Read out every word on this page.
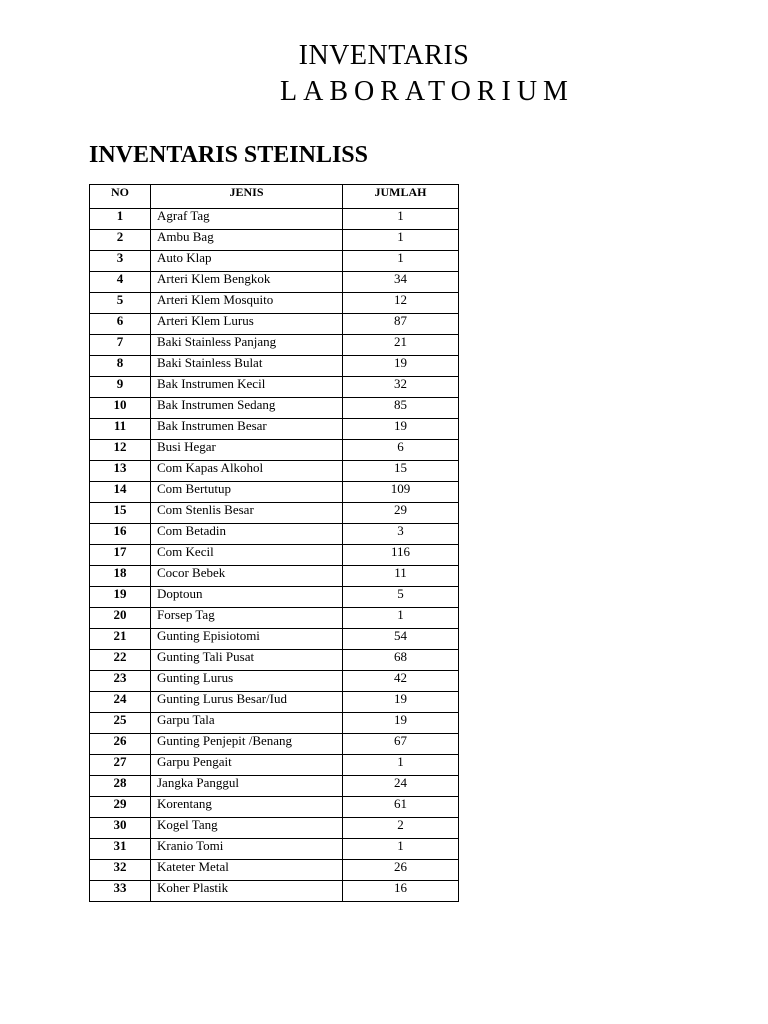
INVENTARIS
LABORATORIUM
INVENTARIS STEINLISS
NO	JENIS	JUMLAH
1	Agraf Tag	1
2	Ambu Bag	1
3	Auto Klap	1
4	Arteri Klem Bengkok	34
5	Arteri Klem Mosquito	12
6	Arteri Klem Lurus	87
7	Baki Stainless Panjang	21
8	Baki Stainless Bulat	19
9	Bak Instrumen Kecil	32
10	Bak Instrumen Sedang	85
11	Bak Instrumen Besar	19
12	Busi Hegar	6
13	Com Kapas Alkohol	15
14	Com Bertutup	109
15	Com Stenlis Besar	29
16	Com Betadin	3
17	Com Kecil	116
18	Cocor Bebek	11
19	Doptoun	5
20	Forsep Tag	1
21	Gunting Episiotomi	54
22	Gunting Tali Pusat	68
23	Gunting Lurus	42
24	Gunting Lurus Besar/Iud	19
25	Garpu Tala	19
26	Gunting Penjepit /Benang	67
27	Garpu Pengait	1
28	Jangka Panggul	24
29	Korentang	61
30	Kogel Tang	2
31	Kranio Tomi	1
32	Kateter Metal	26
33	Koher Plastik	16
